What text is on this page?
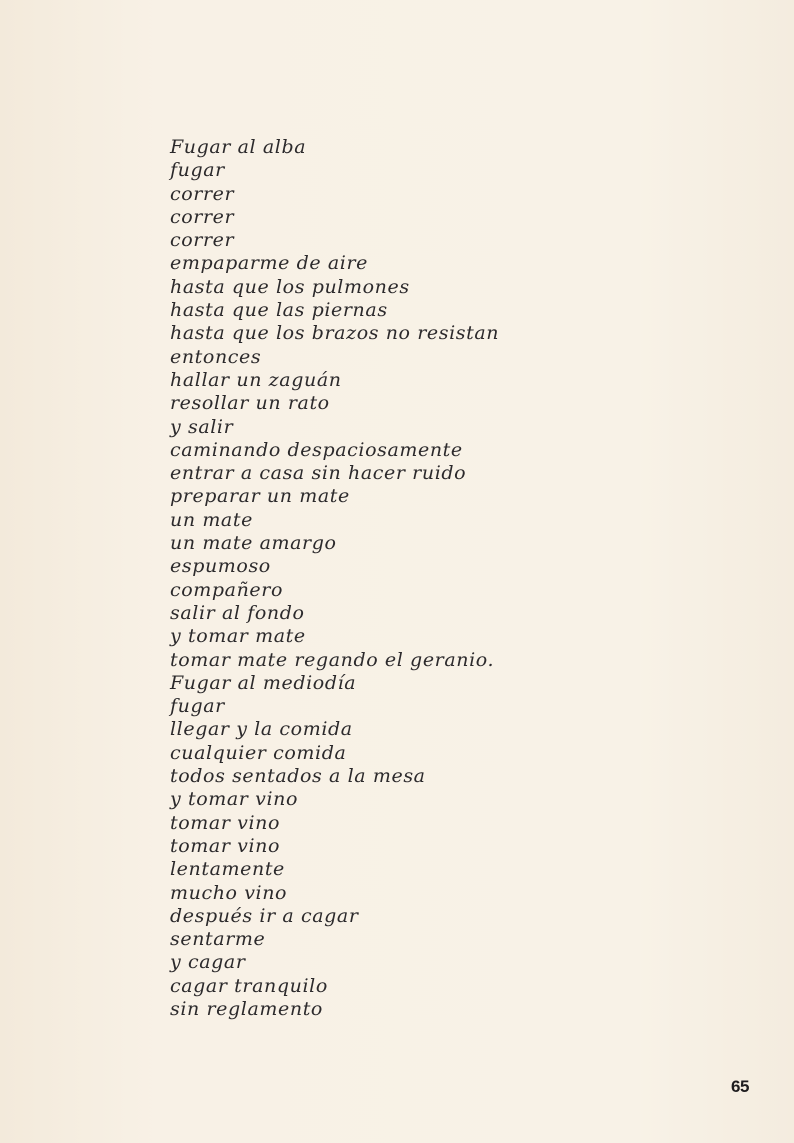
Fugar al alba
fugar
correr
correr
correr
empaparme de aire
hasta que los pulmones
hasta que las piernas
hasta que los brazos no resistan
entonces
hallar un zaguán
resollar un rato
y salir
caminando despaciosamente
entrar a casa sin hacer ruido
preparar un mate
un mate
un mate amargo
espumoso
compañero
salir al fondo
y tomar mate
tomar mate regando el geranio.
Fugar al mediodía
fugar
llegar y la comida
cualquier comida
todos sentados a la mesa
y tomar vino
tomar vino
tomar vino
lentamente
mucho vino
después ir a cagar
sentarme
y cagar
cagar tranquilo
sin reglamento
65
